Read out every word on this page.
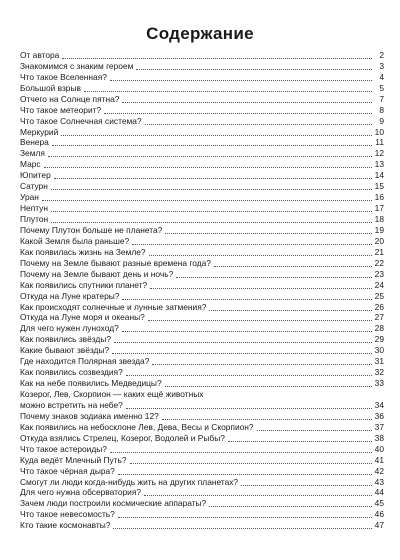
Содержание
От автора	2
Знакомимся с знаким героем	3
Что такое Вселенная?	4
Большой взрыв	5
Отчего на Солнце пятна?	7
Что такое метеорит?	8
Что такое Солнечная система?	9
Меркурий	10
Венера	11
Земля	12
Марс	13
Юпитер	14
Сатурн	15
Уран	16
Нептун	17
Плутон	18
Почему Плутон больше не планета?	19
Какой Земля была раньше?	20
Как появилась жизнь на Земле?	21
Почему на Земле бывают разные времена года?	22
Почему на Земле бывают день и ночь?	23
Как появились спутники планет?	24
Откуда на Луне кратеры?	25
Как происходят солнечные и лунные затмения?	26
Откуда на Луне моря и океаны?	27
Для чего нужен луноход?	28
Как появились звёзды?	29
Какие бывают звёзды?	30
Где находится Полярная звезда?	31
Как появились созвездия?	32
Как на небе появились Медведицы?	33
Козерог, Лев, Скорпион — каких ещё животных
можно встретить на небе?	34
Почему знаков зодиака именно 12?	36
Как появились на небосклоне Лев, Дева, Весы и Скорпион?	37
Откуда взялись Стрелец, Козерог, Водолей и Рыбы?	38
Что такое астероиды?	40
Куда ведёт Млечный Путь?	41
Что такое чёрная дыра?	42
Смогут ли люди когда-нибудь жить на других планетах?	43
Для чего нужна обсерватория?	44
Зачем люди построили космические аппараты?	45
Что такое невесомость?	46
Кто такие космонавты?	47
